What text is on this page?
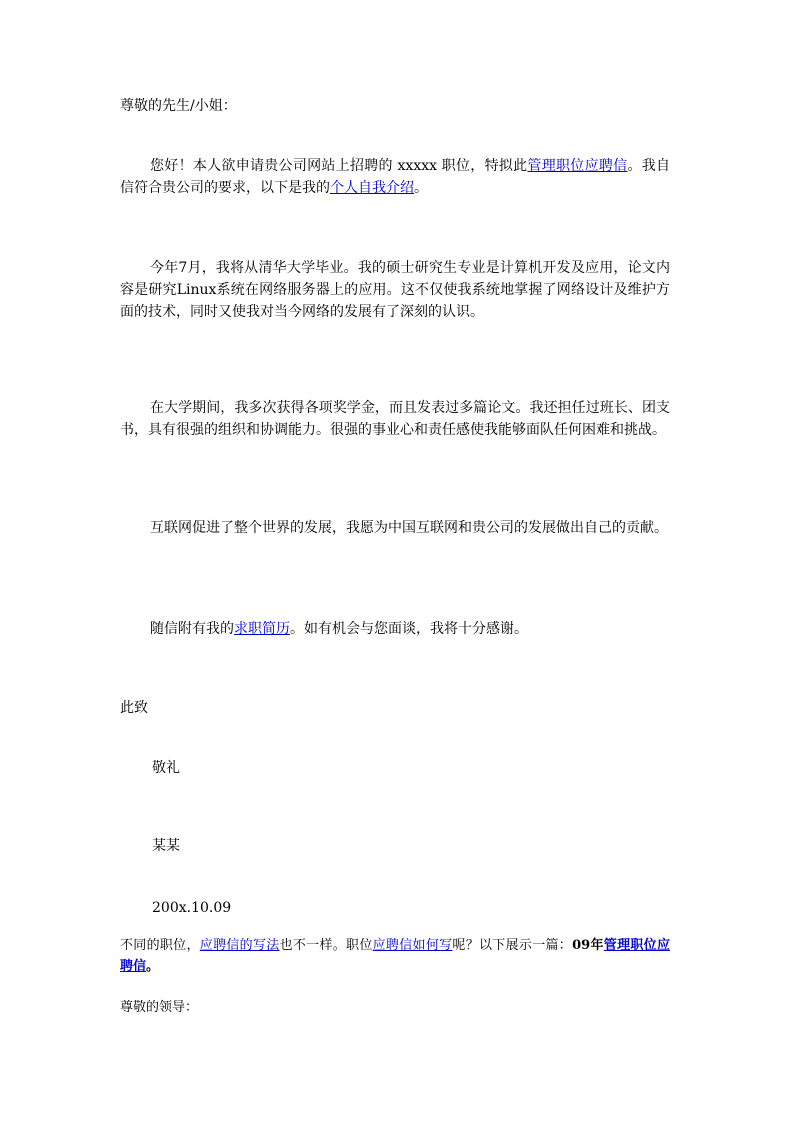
尊敬的先生/小姐：

您好！本人欲申请贵公司网站上招聘的 xxxxx 职位，特拟此管理职位应聘信。我自信符合贵公司的要求，以下是我的个人自我介绍。

今年7月，我将从清华大学毕业。我的硕士研究生专业是计算机开发及应用，论文内容是研究Linux系统在网络服务器上的应用。这不仅使我系统地掌握了网络设计及维护方面的技术，同时又使我对当今网络的发展有了深刻的认识。

在大学期间，我多次获得各项奖学金，而且发表过多篇论文。我还担任过班长、团支书，具有很强的组织和协调能力。很强的事业心和责任感使我能够面队任何困难和挑战。

互联网促进了整个世界的发展，我愿为中国互联网和贵公司的发展做出自己的贡献。

随信附有我的求职简历。如有机会与您面谈，我将十分感谢。

此致

敬礼

某某

200x.10.09

不同的职位，应聘信的写法也不一样。职位应聘信如何写呢？以下展示一篇：09年管理职位应聘信。

尊敬的领导：
